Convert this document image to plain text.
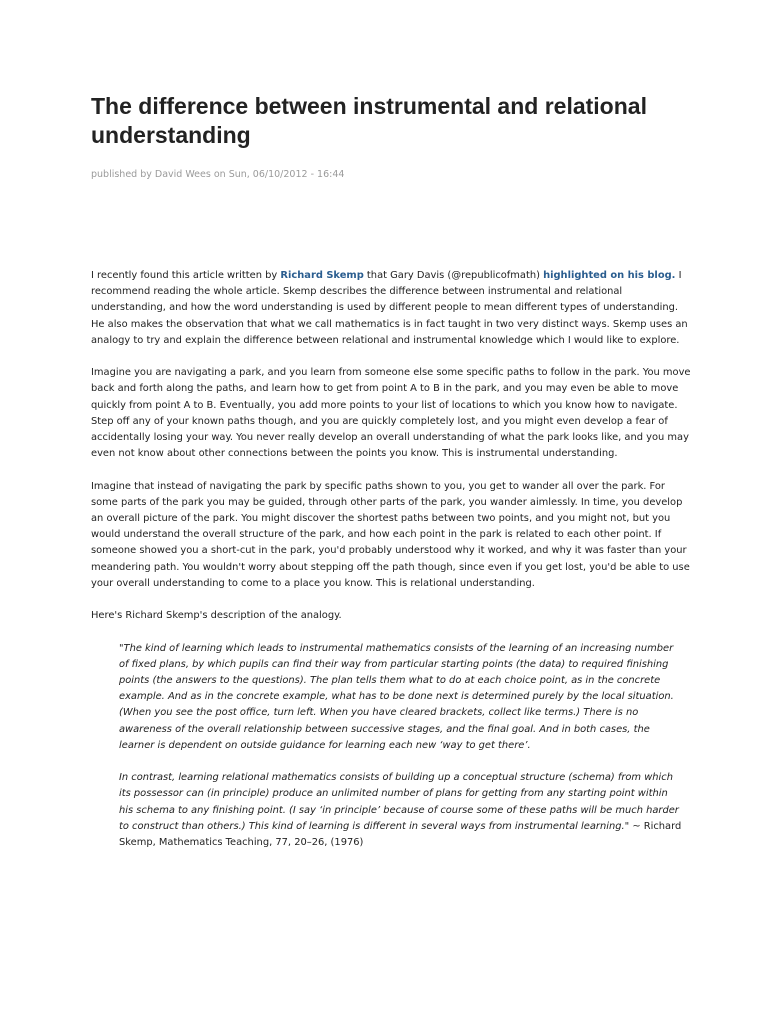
The difference between instrumental and relational understanding
published by David Wees on Sun, 06/10/2012 - 16:44

I recently found this article written by Richard Skemp that Gary Davis (@republicofmath) highlighted on his blog. I recommend reading the whole article. Skemp describes the difference between instrumental and relational understanding, and how the word understanding is used by different people to mean different types of understanding. He also makes the observation that what we call mathematics is in fact taught in two very distinct ways. Skemp uses an analogy to try and explain the difference between relational and instrumental knowledge which I would like to explore.

Imagine you are navigating a park, and you learn from someone else some specific paths to follow in the park. You move back and forth along the paths, and learn how to get from point A to B in the park, and you may even be able to move quickly from point A to B. Eventually, you add more points to your list of locations to which you know how to navigate. Step off any of your known paths though, and you are quickly completely lost, and you might even develop a fear of accidentally losing your way. You never really develop an overall understanding of what the park looks like, and you may even not know about other connections between the points you know. This is instrumental understanding.

Imagine that instead of navigating the park by specific paths shown to you, you get to wander all over the park. For some parts of the park you may be guided, through other parts of the park, you wander aimlessly. In time, you develop an overall picture of the park. You might discover the shortest paths between two points, and you might not, but you would understand the overall structure of the park, and how each point in the park is related to each other point. If someone showed you a short-cut in the park, you'd probably understood why it worked, and why it was faster than your meandering path. You wouldn't worry about stepping off the path though, since even if you get lost, you'd be able to use your overall understanding to come to a place you know. This is relational understanding.

Here's Richard Skemp's description of the analogy.

"The kind of learning which leads to instrumental mathematics consists of the learning of an increasing number of fixed plans, by which pupils can find their way from particular starting points (the data) to required finishing points (the answers to the questions). The plan tells them what to do at each choice point, as in the concrete example. And as in the concrete example, what has to be done next is determined purely by the local situation. (When you see the post office, turn left. When you have cleared brackets, collect like terms.) There is no awareness of the overall relationship between successive stages, and the final goal. And in both cases, the learner is dependent on outside guidance for learning each new ‘way to get there’.

In contrast, learning relational mathematics consists of building up a conceptual structure (schema) from which its possessor can (in principle) produce an unlimited number of plans for getting from any starting point within his schema to any finishing point. (I say ‘in principle’ because of course some of these paths will be much harder to construct than others.) This kind of learning is different in several ways from instrumental learning." ~ Richard Skemp, Mathematics Teaching, 77, 20–26, (1976)
